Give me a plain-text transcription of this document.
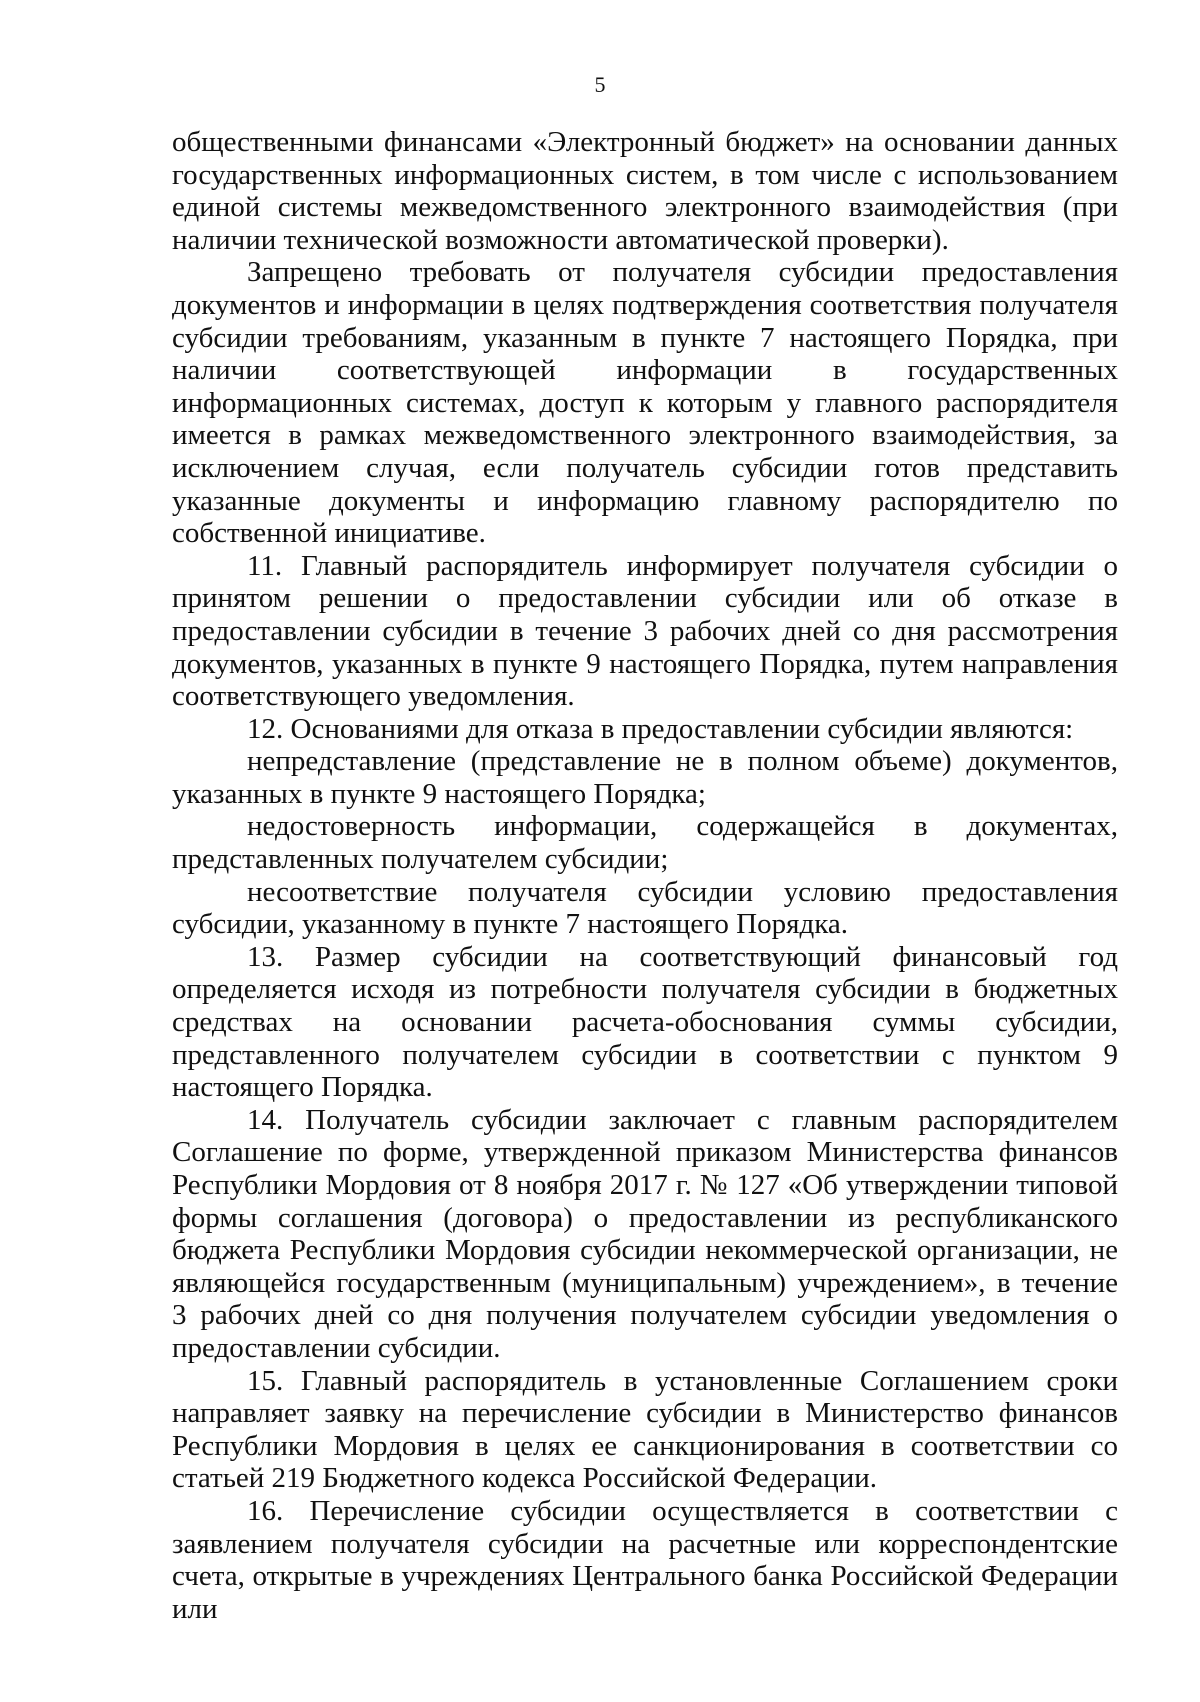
5

общественными финансами «Электронный бюджет» на основании данных государственных информационных систем, в том числе с использованием единой системы межведомственного электронного взаимодействия (при наличии технической возможности автоматической проверки).

Запрещено требовать от получателя субсидии предоставления документов и информации в целях подтверждения соответствия получателя субсидии требованиям, указанным в пункте 7 настоящего Порядка, при наличии соответствующей информации в государственных информационных системах, доступ к которым у главного распорядителя имеется в рамках межведомственного электронного взаимодействия, за исключением случая, если получатель субсидии готов представить указанные документы и информацию главному распорядителю по собственной инициативе.

11. Главный распорядитель информирует получателя субсидии о принятом решении о предоставлении субсидии или об отказе в предоставлении субсидии в течение 3 рабочих дней со дня рассмотрения документов, указанных в пункте 9 настоящего Порядка, путем направления соответствующего уведомления.

12. Основаниями для отказа в предоставлении субсидии являются:

непредставление (представление не в полном объеме) документов, указанных в пункте 9 настоящего Порядка;

недостоверность информации, содержащейся в документах, представленных получателем субсидии;

несоответствие получателя субсидии условию предоставления субсидии, указанному в пункте 7 настоящего Порядка.

13. Размер субсидии на соответствующий финансовый год определяется исходя из потребности получателя субсидии в бюджетных средствах на основании расчета-обоснования суммы субсидии, представленного получателем субсидии в соответствии с пунктом 9 настоящего Порядка.

14. Получатель субсидии заключает с главным распорядителем Соглашение по форме, утвержденной приказом Министерства финансов Республики Мордовия от 8 ноября 2017 г. № 127 «Об утверждении типовой формы соглашения (договора) о предоставлении из республиканского бюджета Республики Мордовия субсидии некоммерческой организации, не являющейся государственным (муниципальным) учреждением», в течение 3 рабочих дней со дня получения получателем субсидии уведомления о предоставлении субсидии.

15. Главный распорядитель в установленные Соглашением сроки направляет заявку на перечисление субсидии в Министерство финансов Республики Мордовия в целях ее санкционирования в соответствии со статьей 219 Бюджетного кодекса Российской Федерации.

16. Перечисление субсидии осуществляется в соответствии с заявлением получателя субсидии на расчетные или корреспондентские счета, открытые в учреждениях Центрального банка Российской Федерации или
